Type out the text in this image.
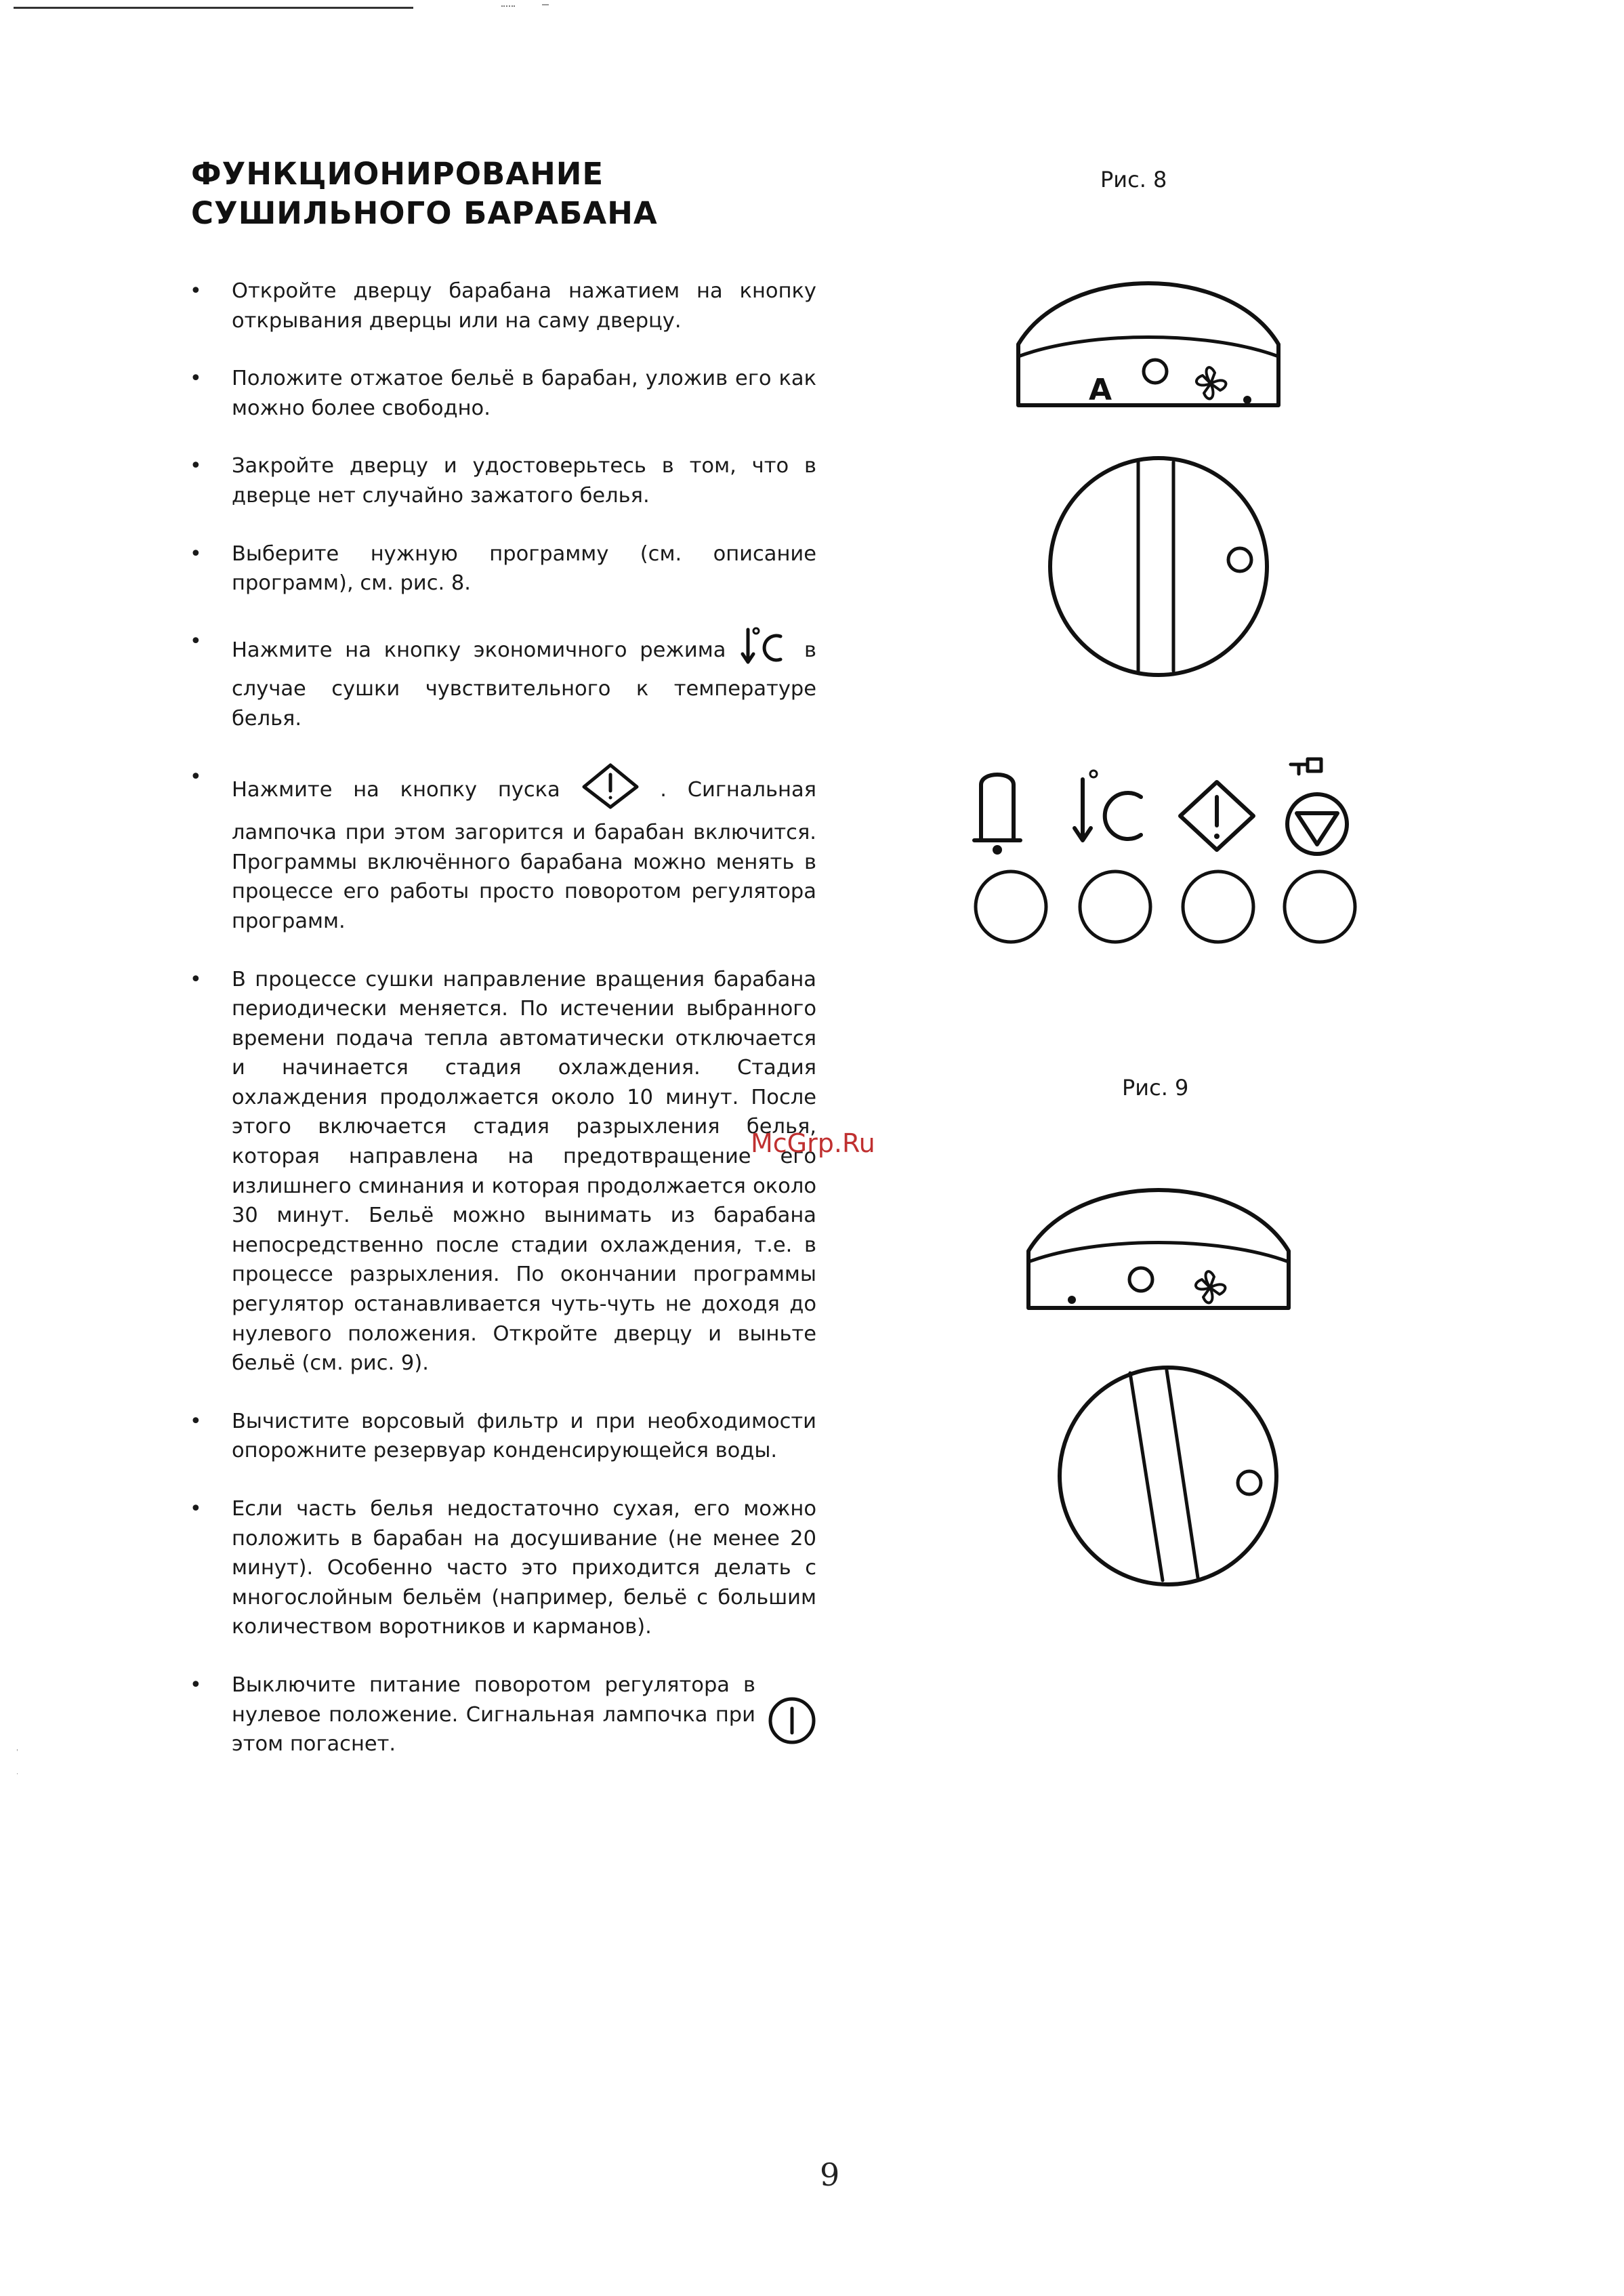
ФУНКЦИОНИРОВАНИЕ
СУШИЛЬНОГО БАРАБАНА
• Откройте дверцу барабана нажатием на кнопку открывания дверцы или на саму дверцу.
• Положите отжатое бельё в барабан, уложив его как можно более свободно.
• Закройте дверцу и удостоверьтесь в том, что в дверце нет случайно зажатого белья.
• Выберите нужную программу (см. описание программ), см. рис. 8.
• Нажмите на кнопку экономичного режима	в случае сушки чувствительного к температуре белья.
•
Нажмите на кнопку пуска	. Сигнальная лампочка при этом загорится и барабан включится. Программы включённого барабана можно менять в процессе его работы просто поворотом регулятора программ.
• В процессе сушки направление вращения барабана периодически меняется. По истечении выбранного времени подача тепла автоматически отключается и начинается стадия охлаждения. Стадия охлаждения продолжается около 10 минут. После этого включается стадия разрыхления белья, которая направлена на предотвращение его излишнего сминания и которая продолжается около 30 минут. Бельё можно вынимать из барабана непосредственно после стадии охлаждения, т.е. в процессе разрыхления. По окончании программы регулятор останавливается чуть-чуть не доходя до нулевого положения. Откройте дверцу и выньте бельё (см. рис. 9).
• Вычистите ворсовый фильтр и при необходимости опорожните резервуар конденсирующейся воды.
• Если часть белья недостаточно сухая, его можно положить в барабан на досушивание (не менее 20 минут). Особенно часто это приходится делать с многослойным бельём (например, бельё с большим количеством воротников и карманов).
• Выключите питание поворотом регулятора в нулевое положение. Сигнальная лампочка при этом погаснет.
Рис. 8
A
Рис. 9
McGrp.Ru
'
.
9
